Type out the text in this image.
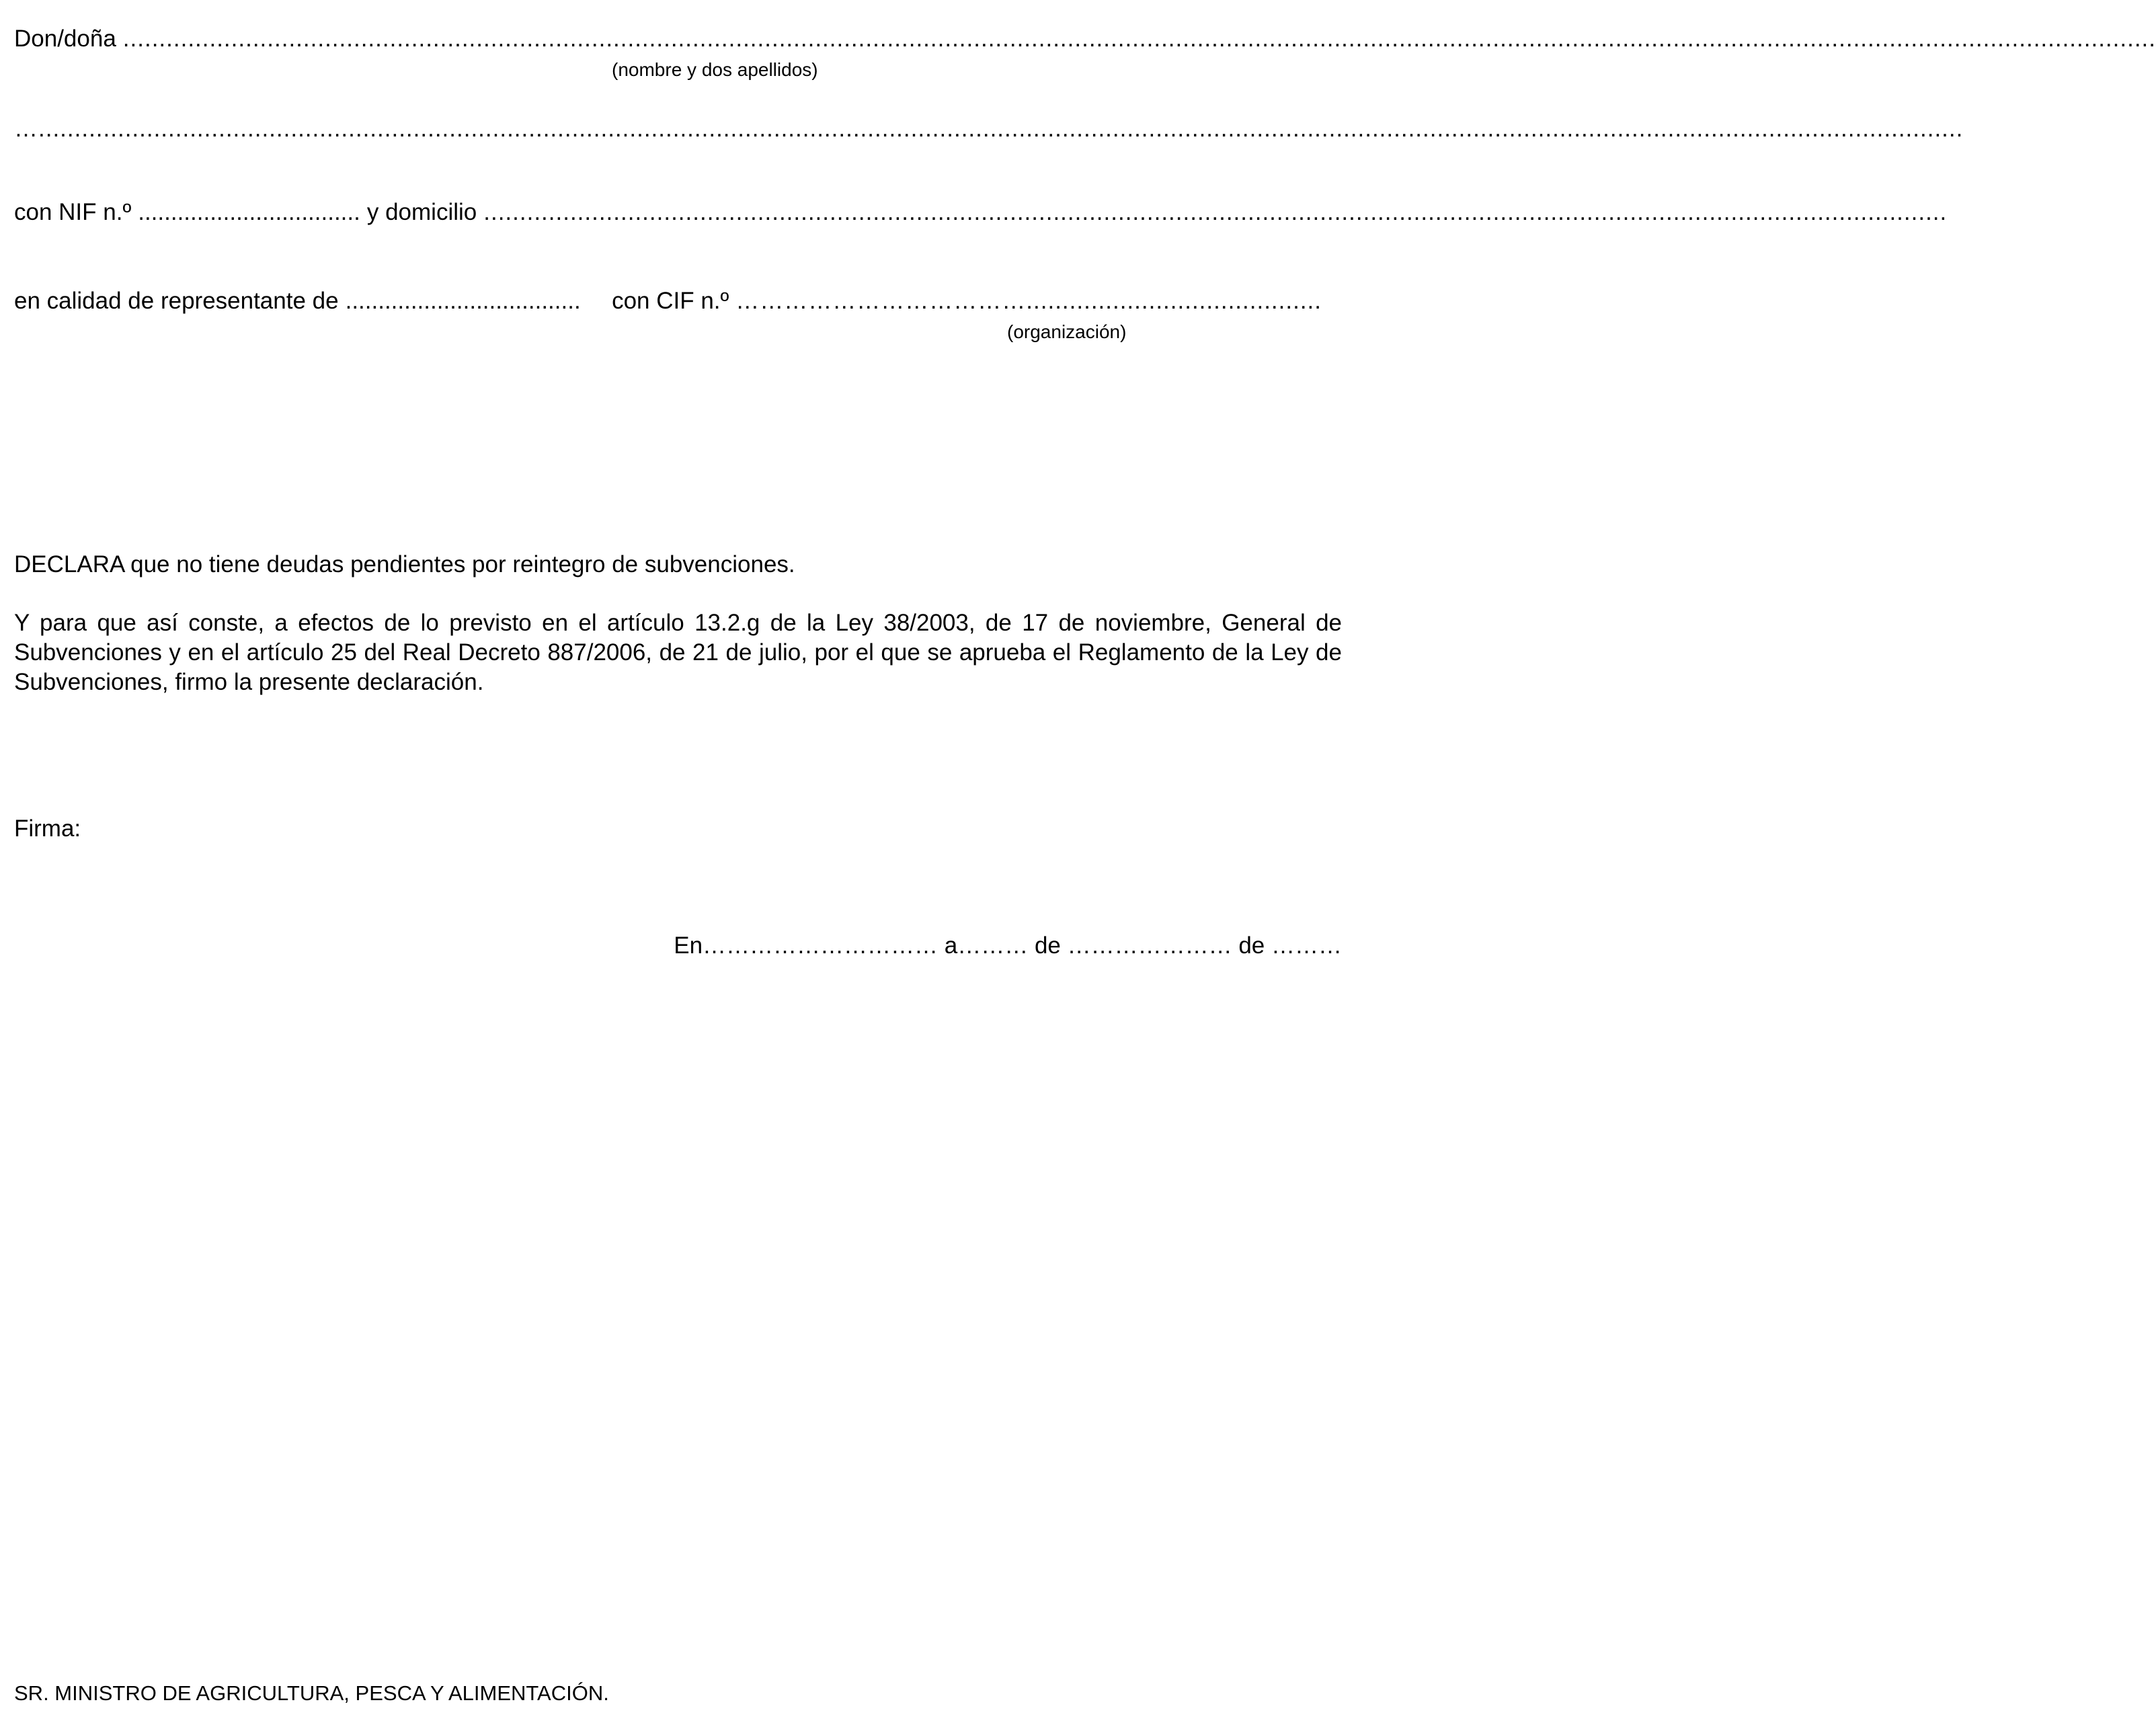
Don/doña ..........................................................................................................................................................................................................................................................................................
(nombre y dos apellidos)
…...........................................................................................................................................................................................................................................................................
con NIF n.º .................................. y domicilio ...........................................................................................................................................................................................................
en calidad de representante de ....................................	con CIF n.º ……………………………….........................................
(organización)
DECLARA que no tiene deudas pendientes por reintegro de subvenciones.
Y para que así conste, a efectos de lo previsto en el artículo 13.2.g de la Ley 38/2003, de 17 de noviembre, General de Subvenciones y en el artículo 25 del Real Decreto 887/2006, de 21 de julio, por el que se aprueba el Reglamento de la Ley de Subvenciones, firmo la presente declaración.
Firma:
En………………………… a……… de ………………… de ………
SR. MINISTRO DE AGRICULTURA, PESCA Y ALIMENTACIÓN.
